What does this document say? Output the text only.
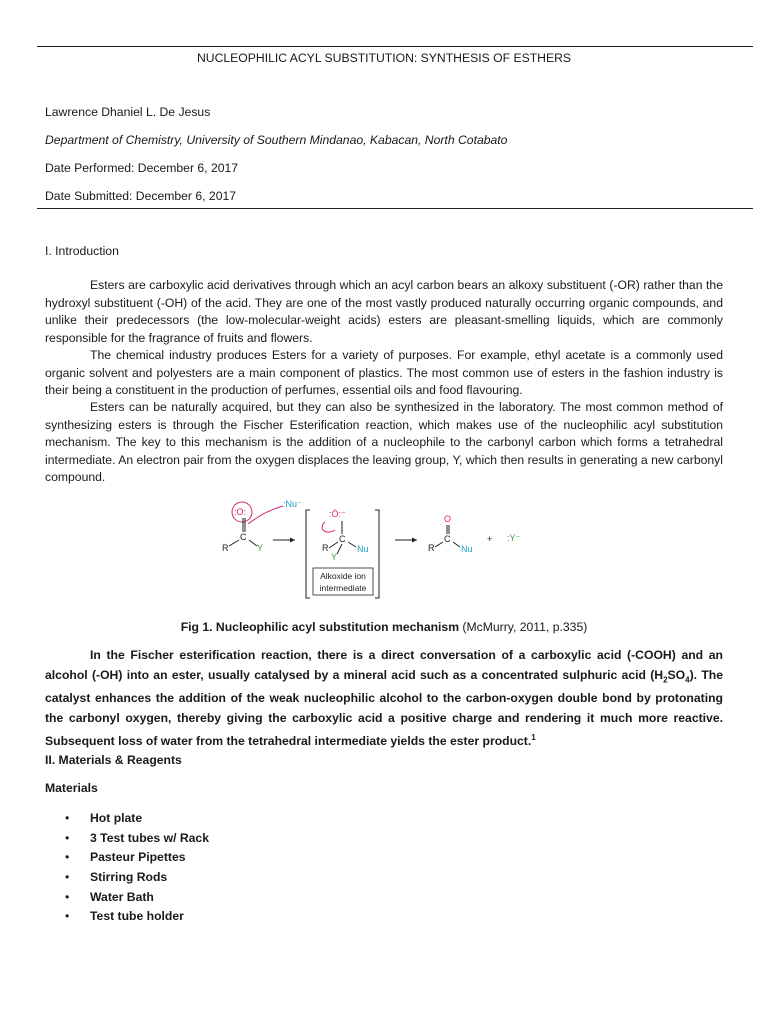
NUCLEOPHILIC ACYL SUBSTITUTION: SYNTHESIS OF ESTHERS
Lawrence Dhaniel L. De Jesus
Department of Chemistry, University of Southern Mindanao, Kabacan, North Cotabato
Date Performed: December 6, 2017
Date Submitted: December 6, 2017
I. Introduction
Esters are carboxylic acid derivatives through which an acyl carbon bears an alkoxy substituent (-OR) rather than the hydroxyl substituent (-OH) of the acid. They are one of the most vastly produced naturally occurring organic compounds, and unlike their predecessors (the low-molecular-weight acids) esters are pleasant-smelling liquids, which are commonly responsible for the fragrance of fruits and flowers.
The chemical industry produces Esters for a variety of purposes. For example, ethyl acetate is a commonly used organic solvent and polyesters are a main component of plastics. The most common use of esters in the fashion industry is their being a constituent in the production of perfumes, essential oils and food flavouring.
Esters can be naturally acquired, but they can also be synthesized in the laboratory. The most common method of synthesizing esters is through the Fischer Esterification reaction, which makes use of the nucleophilic acyl substitution mechanism. The key to this mechanism is the addition of a nucleophile to the carbonyl carbon which forms a tetrahedral intermediate. An electron pair from the oxygen displaces the leaving group, Y, which then results in generating a new carbonyl compound.
:Nu⁻
:O:
C
R	Y
:Ö:⁻
C
R	Nu
Y
Alkoxide ion
intermediate
O
C
R	Nu
+ :Y⁻
Fig 1. Nucleophilic acyl substitution mechanism (McMurry, 2011, p.335)
In the Fischer esterification reaction, there is a direct conversation of a carboxylic acid (-COOH) and an alcohol (-OH) into an ester, usually catalysed by a mineral acid such as a concentrated sulphuric acid $(H_2SO_4)$. The catalyst enhances the addition of the weak nucleophilic alcohol to the carbon-oxygen double bond by protonating the carbonyl oxygen, thereby giving the carboxylic acid a positive charge and rendering it much more reactive. Subsequent loss of water from the tetrahedral intermediate yields the ester product.$^1$
II. Materials & Reagents
Materials
• Hot plate
• 3 Test tubes w/ Rack
• Pasteur Pipettes
• Stirring Rods
• Water Bath
• Test tube holder
